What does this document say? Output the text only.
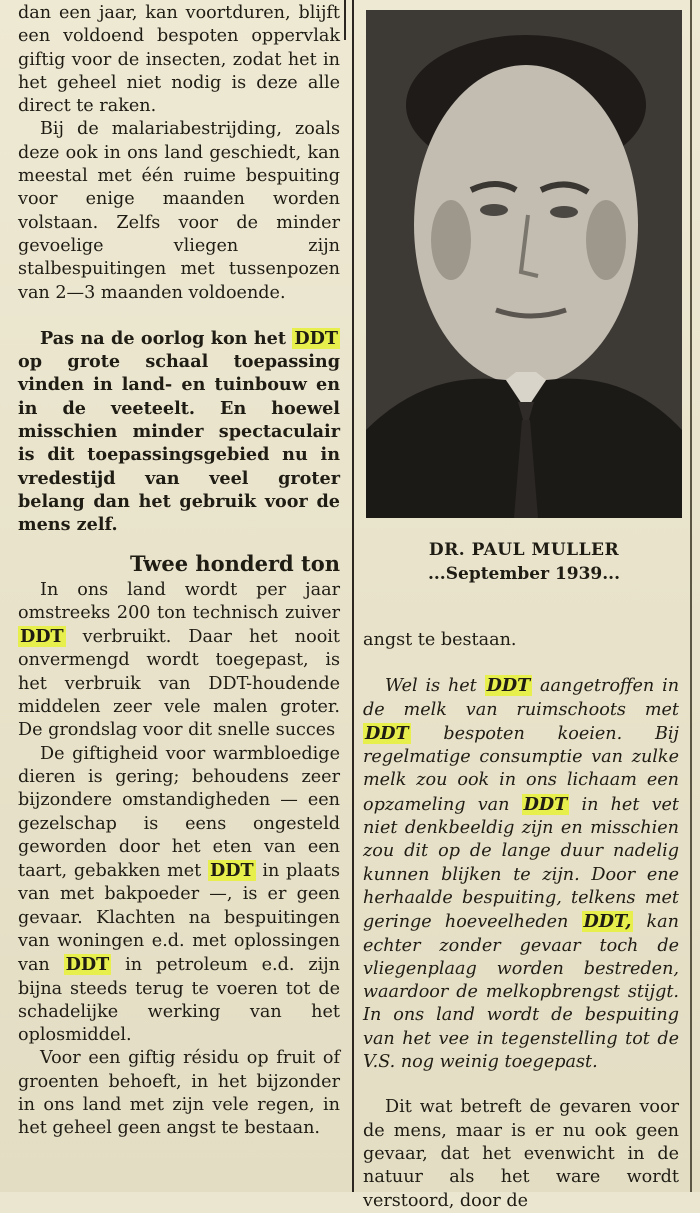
dan een jaar, kan voortduren, blijft een voldoend bespoten oppervlak giftig voor de insecten, zodat het in het geheel niet nodig is deze alle direct te raken.

Bij de malariabestrijding, zoals deze ook in ons land geschiedt, kan meestal met één ruime bespuiting voor enige maanden worden volstaan. Zelfs voor de minder gevoelige vliegen zijn stalbespuitingen met tussenpozen van 2—3 maanden voldoende.

Pas na de oorlog kon het DDT op grote schaal toepassing vinden in land- en tuinbouw en in de veeteelt. En hoewel misschien minder spectaculair is dit toepassingsgebied nu in vredestijd van veel groter belang dan het gebruik voor de mens zelf.

Twee honderd ton

In ons land wordt per jaar omstreeks 200 ton technisch zuiver DDT verbruikt. Daar het nooit onvermengd wordt toegepast, is het verbruik van DDT-houdende middelen zeer vele malen groter. De grondslag voor dit snelle succes

De giftigheid voor warmbloedige dieren is gering; behoudens zeer bijzondere omstandigheden — een gezelschap is eens ongesteld geworden door het eten van een taart, gebakken met DDT in plaats van met bakpoeder —, is er geen gevaar. Klachten na bespuitingen van woningen e.d. met oplossingen van DDT in petroleum e.d. zijn bijna steeds terug te voeren tot de schadelijke werking van het oplosmiddel.

Voor een giftig résidu op fruit of groenten behoeft, in het bijzonder in ons land met zijn vele regen, in het geheel geen angst te bestaan.

DR. PAUL MULLER
...September 1939...

angst te bestaan.

Wel is het DDT aangetroffen in de melk van ruimschoots met DDT bespoten koeien. Bij regelmatige consumptie van zulke melk zou ook in ons lichaam een opzameling van DDT in het vet niet denkbeeldig zijn en misschien zou dit op de lange duur nadelig kunnen blijken te zijn. Door ene herhaalde bespuiting, telkens met geringe hoeveelheden DDT, kan echter zonder gevaar toch de vliegenplaag worden bestreden, waardoor de melkopbrengst stijgt. In ons land wordt de bespuiting van het vee in tegenstelling tot de V.S. nog weinig toegepast.

Dit wat betreft de gevaren voor de mens, maar is er nu ook geen gevaar, dat het evenwicht in de natuur als het ware wordt verstoord, door de
